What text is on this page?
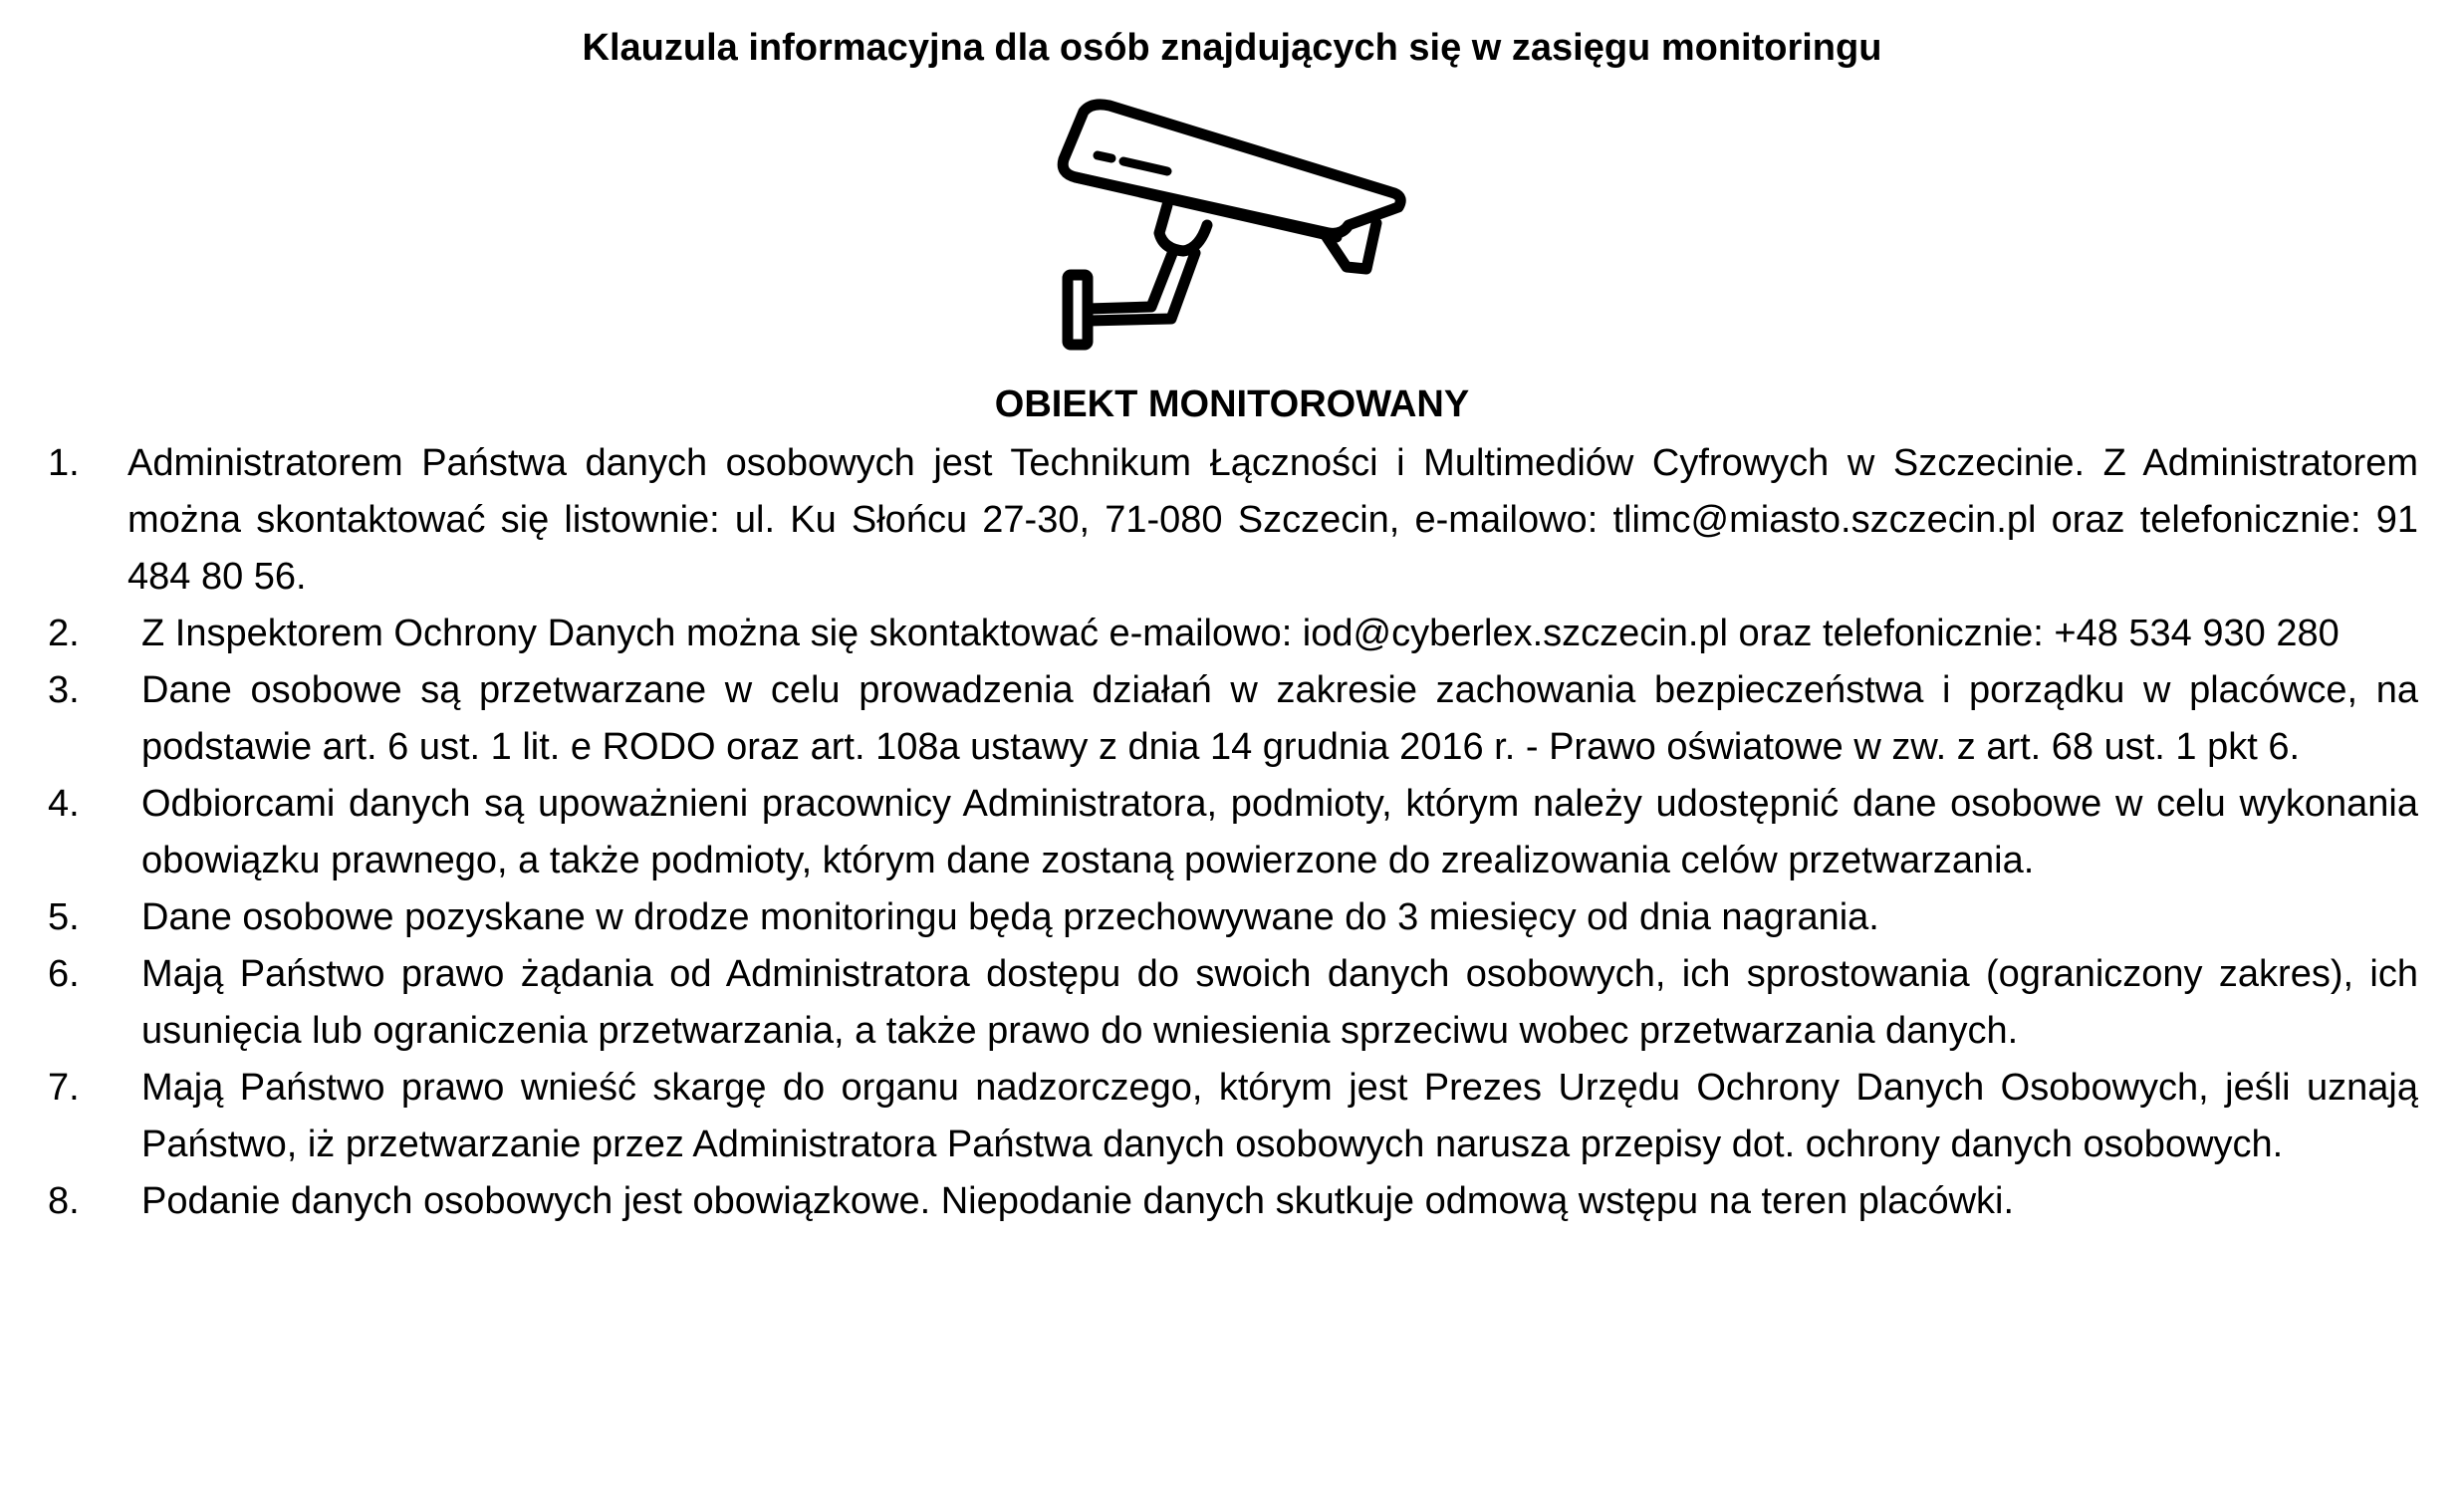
Klauzula informacyjna dla osób znajdujących się w zasięgu monitoringu
OBIEKT MONITOROWANY
1. Administratorem Państwa danych osobowych jest Technikum Łączności i Multimediów Cyfrowych w Szczecinie. Z Administratorem można skontaktować się listownie: ul. Ku Słońcu 27-30, 71-080 Szczecin, e-mailowo: tlimc@miasto.szczecin.pl oraz telefonicznie: 91 484 80 56.
2. Z Inspektorem Ochrony Danych można się skontaktować e-mailowo: iod@cyberlex.szczecin.pl oraz telefonicznie: +48 534 930 280
3. Dane osobowe są przetwarzane w celu prowadzenia działań w zakresie zachowania bezpieczeństwa i porządku w placówce, na podstawie art. 6 ust. 1 lit. e RODO oraz art. 108a ustawy z dnia 14 grudnia 2016 r. - Prawo oświatowe w zw. z art. 68 ust. 1 pkt 6.
4. Odbiorcami danych są upoważnieni pracownicy Administratora, podmioty, którym należy udostępnić dane osobowe w celu wykonania obowiązku prawnego, a także podmioty, którym dane zostaną powierzone do zrealizowania celów przetwarzania.
5. Dane osobowe pozyskane w drodze monitoringu będą przechowywane do 3 miesięcy od dnia nagrania.
6. Mają Państwo prawo żądania od Administratora dostępu do swoich danych osobowych, ich sprostowania (ograniczony zakres), ich usunięcia lub ograniczenia przetwarzania, a także prawo do wniesienia sprzeciwu wobec przetwarzania danych.
7. Mają Państwo prawo wnieść skargę do organu nadzorczego, którym jest Prezes Urzędu Ochrony Danych Osobowych, jeśli uznają Państwo, iż przetwarzanie przez Administratora Państwa danych osobowych narusza przepisy dot. ochrony danych osobowych.
8. Podanie danych osobowych jest obowiązkowe. Niepodanie danych skutkuje odmową wstępu na teren placówki.
